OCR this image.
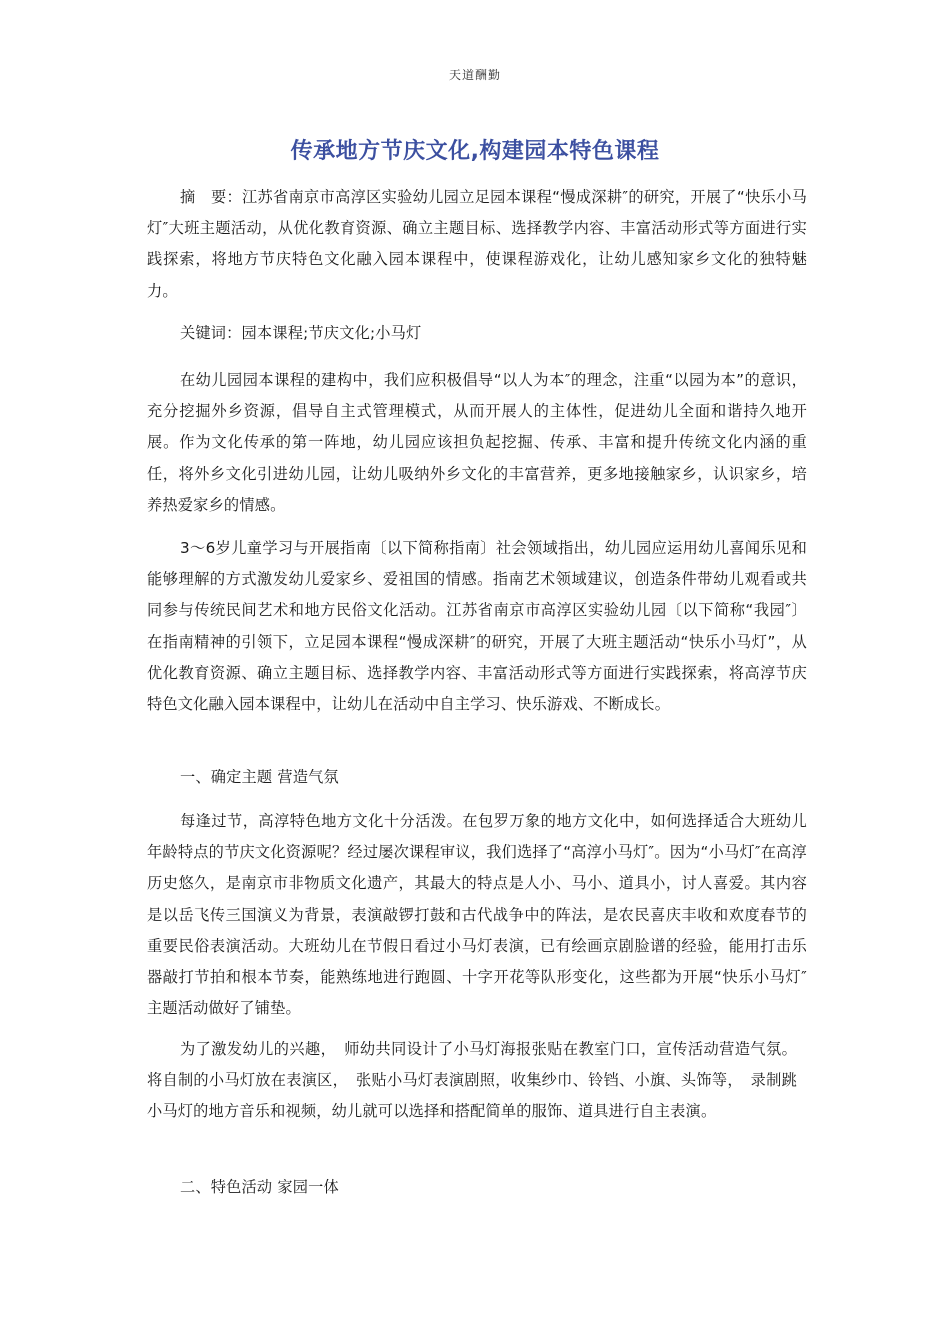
天道酬勤
传承地方节庆文化,构建园本特色课程
摘　要：江苏省南京市高淳区实验幼儿园立足园本课程“慢成深耕″的研究，开展了“快乐小马灯″大班主题活动，从优化教育资源、确立主题目标、选择教学内容、丰富活动形式等方面进行实践探索，将地方节庆特色文化融入园本课程中，使课程游戏化，让幼儿感知家乡文化的独特魅力。
关键词：园本课程;节庆文化;小马灯
在幼儿园园本课程的建构中，我们应积极倡导“以人为本″的理念，注重“以园为本”的意识，充分挖掘外乡资源，倡导自主式管理模式，从而开展人的主体性，促进幼儿全面和谐持久地开展。作为文化传承的第一阵地，幼儿园应该担负起挖掘、传承、丰富和提升传统文化内涵的重任，将外乡文化引进幼儿园，让幼儿吸纳外乡文化的丰富营养，更多地接触家乡，认识家乡，培养热爱家乡的情感。
3～6岁儿童学习与开展指南〔以下简称指南〕社会领域指出，幼儿园应运用幼儿喜闻乐见和能够理解的方式激发幼儿爱家乡、爱祖国的情感。指南艺术领域建议，创造条件带幼儿观看或共同参与传统民间艺术和地方民俗文化活动。江苏省南京市高淳区实验幼儿园〔以下简称“我园″〕在指南精神的引领下，立足园本课程“慢成深耕″的研究，开展了大班主题活动“快乐小马灯”，从优化教育资源、确立主题目标、选择教学内容、丰富活动形式等方面进行实践探索，将高淳节庆特色文化融入园本课程中，让幼儿在活动中自主学习、快乐游戏、不断成长。
一、确定主题 营造气氛
每逢过节，高淳特色地方文化十分活泼。在包罗万象的地方文化中，如何选择适合大班幼儿年龄特点的节庆文化资源呢？经过屡次课程审议，我们选择了“高淳小马灯″。因为“小马灯″在高淳历史悠久，是南京市非物质文化遗产，其最大的特点是人小、马小、道具小，讨人喜爱。其内容是以岳飞传三国演义为背景，表演敲锣打鼓和古代战争中的阵法，是农民喜庆丰收和欢度春节的重要民俗表演活动。大班幼儿在节假日看过小马灯表演，已有绘画京剧脸谱的经验，能用打击乐器敲打节拍和根本节奏，能熟练地进行跑圆、十字开花等队形变化，这些都为开展“快乐小马灯″主题活动做好了铺垫。
为了激发幼儿的兴趣，　师幼共同设计了小马灯海报张贴在教室门口，宣传活动营造气氛。将自制的小马灯放在表演区，　张贴小马灯表演剧照，收集纱巾、铃铛、小旗、头饰等，　录制跳小马灯的地方音乐和视频，幼儿就可以选择和搭配简单的服饰、道具进行自主表演。
二、特色活动 家园一体
